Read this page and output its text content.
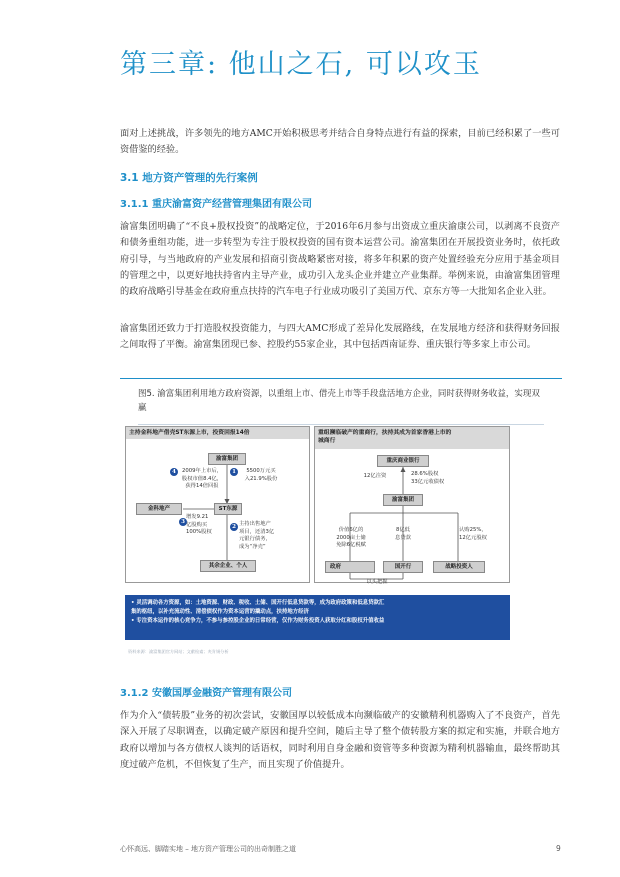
第三章: 他山之石, 可以攻玉
面对上述挑战，许多领先的地方AMC开始积极思考并结合自身特点进行有益的探索，目前已经积累了一些可资借鉴的经验。
3.1 地方资产管理的先行案例
3.1.1 重庆渝富资产经营管理集团有限公司
渝富集团明确了“不良+股权投资”的战略定位，于2016年6月参与出资成立重庆渝康公司，以剥离不良资产和债务重组功能，进一步转型为专注于股权投资的国有资本运营公司。渝富集团在开展投资业务时，依托政府引导，与当地政府的产业发展和招商引资战略紧密对接，将多年积累的资产处置经验充分应用于基金项目的管理之中，以更好地扶持省内主导产业，成功引入龙头企业并建立产业集群。举例来说，由渝富集团管理的政府战略引导基金在政府重点扶持的汽车电子行业成功吸引了美国万代、京东方等一大批知名企业入驻。
渝富集团还致力于打造股权投资能力，与四大AMC形成了差异化发展路线，在发展地方经济和获得财务回报之间取得了平衡。渝富集团现已参、控股约55家企业，其中包括西南证券、重庆银行等多家上市公司。
图5. 渝富集团利用地方政府资源，以重组上市、借壳上市等手段盘活地方企业，同时获得财务收益，实现双赢
主持金科地产借壳ST东源上市，投资回报14倍
渝富集团
4	2009年上市后，
股权市值8.4亿，
获得14倍回报
1	5500万元买
入21.9%股份
金科地产	ST东源
3
增发9.21
亿股购买
100%股权
2 主持出售地产
项目，还清3亿
元银行债务，
成为“净壳”
其余企业、个人
重组濒临破产的重商行，扶持其成为首家香港上市的
城商行
重庆商业银行
12亿注资	28.6%股权
33亿元收债权
渝富集团
价值6亿的
2000亩土储
免除6亿税赋
8亿低
息贷款
认购25%，
12亿元股权
政府	国开行	战略投资人
以头把握
• 灵活调动各方资源，如：土地资源、财政、税收、土储、国开行低息贷款等，成为政府政策和低息贷款汇
集的枢纽，以补充流动性、清偿债权作为资本运营的撬动点，扶持地方经济
• 专注资本运作的核心竞争力，不参与参控股企业的日常经营，仅作为财务投资人获取分红和股权升值收益
资料来源：渝富集团官方网站；文献检索；麦肯锡分析
3.1.2 安徽国厚金融资产管理有限公司
作为介入“债转股”业务的初次尝试，安徽国厚以较低成本向濒临破产的安徽精利机器购入了不良资产，首先深入开展了尽职调查，以确定破产原因和提升空间，随后主导了整个债转股方案的拟定和实施，并联合地方政府以增加与各方债权人谈判的话语权，同时利用自身金融和资管等多种资源为精利机器输血，最终帮助其度过破产危机，不但恢复了生产，而且实现了价值提升。
心怀高远、脚踏实地 – 地方资产管理公司的出奇制胜之道	9
